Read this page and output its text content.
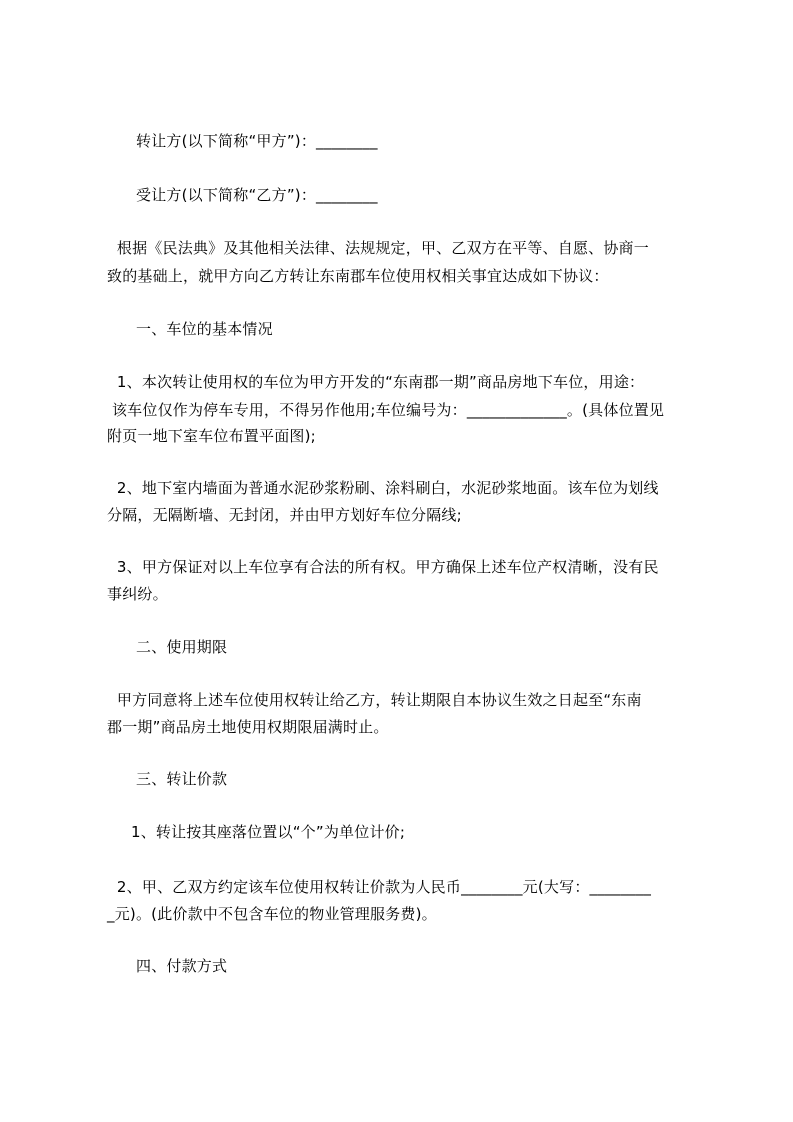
转让方(以下简称“甲方”)：________
受让方(以下简称“乙方”)：________
根据《民法典》及其他相关法律、法规规定，甲、乙双方在平等、自愿、协商一
致的基础上，就甲方向乙方转让东南郡车位使用权相关事宜达成如下协议：
一、车位的基本情况
1、本次转让使用权的车位为甲方开发的“东南郡一期”商品房地下车位，用途：
该车位仅作为停车专用，不得另作他用;车位编号为：_____________。(具体位置见
附页一地下室车位布置平面图);
2、地下室内墙面为普通水泥砂浆粉刷、涂料刷白，水泥砂浆地面。该车位为划线
分隔，无隔断墙、无封闭，并由甲方划好车位分隔线;
3、甲方保证对以上车位享有合法的所有权。甲方确保上述车位产权清晰，没有民
事纠纷。
二、使用期限
甲方同意将上述车位使用权转让给乙方，转让期限自本协议生效之日起至“东南
郡一期”商品房土地使用权期限届满时止。
三、转让价款
1、转让按其座落位置以“个”为单位计价;
2、甲、乙双方约定该车位使用权转让价款为人民币________元(大写：________
_元)。(此价款中不包含车位的物业管理服务费)。
四、付款方式
